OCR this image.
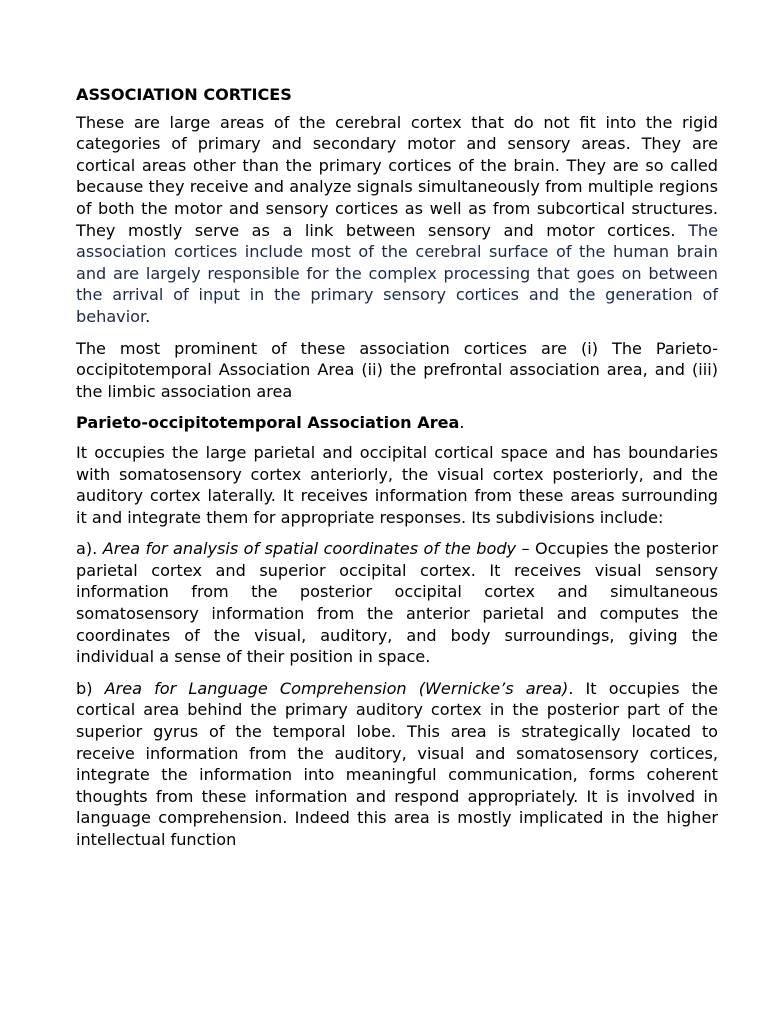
ASSOCIATION CORTICES

These are large areas of the cerebral cortex that do not fit into the rigid categories of primary and secondary motor and sensory areas. They are cortical areas other than the primary cortices of the brain. They are so called because they receive and analyze signals simultaneously from multiple regions of both the motor and sensory cortices as well as from subcortical structures. They mostly serve as a link between sensory and motor cortices. The association cortices include most of the cerebral surface of the human brain and are largely responsible for the complex processing that goes on between the arrival of input in the primary sensory cortices and the generation of behavior.

The most prominent of these association cortices are (i) The Parieto-occipitotemporal Association Area (ii) the prefrontal association area, and (iii) the limbic association area

Parieto-occipitotemporal Association Area.

It occupies the large parietal and occipital cortical space and has boundaries with somatosensory cortex anteriorly, the visual cortex posteriorly, and the auditory cortex laterally. It receives information from these areas surrounding it and integrate them for appropriate responses. Its subdivisions include:

a). Area for analysis of spatial coordinates of the body – Occupies the posterior parietal cortex and superior occipital cortex. It receives visual sensory information from the posterior occipital cortex and simultaneous somatosensory information from the anterior parietal and computes the coordinates of the visual, auditory, and body surroundings, giving the individual a sense of their position in space.

b) Area for Language Comprehension (Wernicke’s area). It occupies the cortical area behind the primary auditory cortex in the posterior part of the superior gyrus of the temporal lobe. This area is strategically located to receive information from the auditory, visual and somatosensory cortices, integrate the information into meaningful communication, forms coherent thoughts from these information and respond appropriately. It is involved in language comprehension. Indeed this area is mostly implicated in the higher intellectual function
